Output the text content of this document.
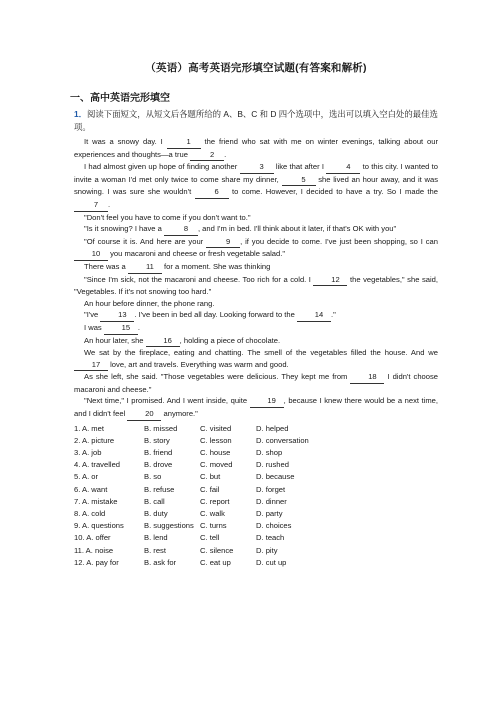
（英语）高考英语完形填空试题(有答案和解析)
一、高中英语完形填空
1．阅读下面短文，从短文后各题所给的 A、B、C 和 D 四个选项中，选出可以填入空白处的最佳选项。

It was a snowy day. I	1 the friend who sat with me on winter evenings, talking about our experiences and thoughts—a true	2 .

I had almost given up hope of finding another	3 like that after I	4 to this city. I wanted to invite a woman I'd met only twice to come share my dinner,	5 she lived an hour away, and it was snowing. I was sure she wouldn't	6 to come. However, I decided to have a try. So I made the 7 .

"Don't feel you have to come if you don't want to."

"Is it snowing? I have a	8 , and I'm in bed. I'll think about it later, if that's OK with you"

"Of course it is. And here are your	9 , if you decide to come. I've just been shopping, so I can 10 you macaroni and cheese or fresh vegetable salad."

There was a 11 for a moment. She was thinking

"Since I'm sick, not the macaroni and cheese. Too rich for a cold. I 12 the vegetables," she said, "Vegetables. If it's not snowing too hard."

An hour before dinner, the phone rang.

"I've 13 . I've been in bed all day. Looking forward to the 14 ."

I was 15 .

An hour later, she 16 , holding a piece of chocolate.

We sat by the fireplace, eating and chatting. The smell of the vegetables filled the house. And we 17 love, art and travels. Everything was warm and good.

As she left, she said. "Those vegetables were delicious. They kept me from 18 I didn't choose macaroni and cheese."

"Next time," I promised. And I went inside, quite 19 , because I knew there would be a next time, and I didn't feel 20 anymore."

1. A. met	B. missed	C. visited	D. helped
2. A. picture	B. story	C. lesson	D. conversation
3. A. job	B. friend	C. house	D. shop
4. A. travelled	B. drove	C. moved	D. rushed
5. A. or	B. so	C. but	D. because
6. A. want	B. refuse	C. fail	D. forget
7. A. mistake	B. call	C. report	D. dinner
8. A. cold	B. duty	C. walk	D. party
9. A. questions	B. suggestions C. turns	D. choices
10. A. offer	B. lend	C. tell	D. teach
11. A. noise	B. rest	C. silence	D. pity
12. A. pay for	B. ask for	C. eat up	D. cut up
